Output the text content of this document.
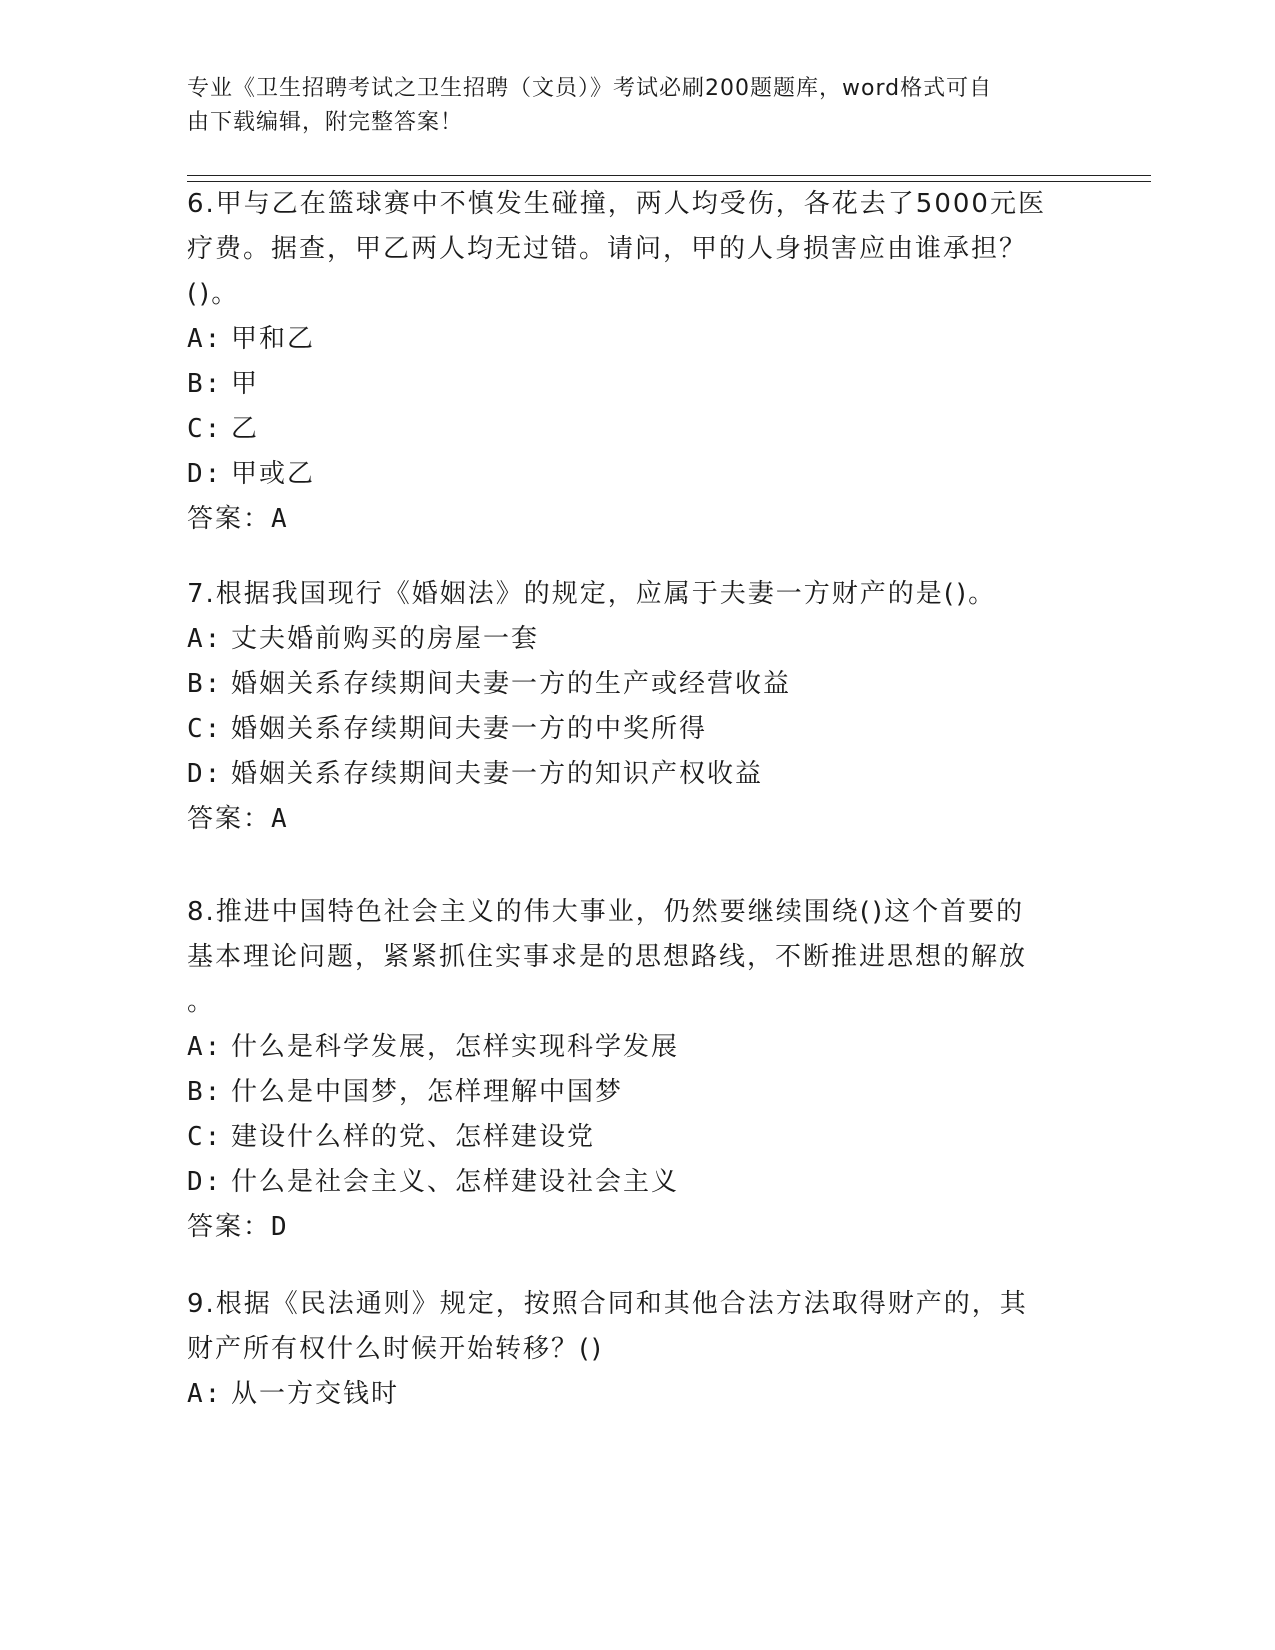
专业《卫生招聘考试之卫生招聘（文员）》考试必刷200题题库，word格式可自
由下载编辑，附完整答案！

6.甲与乙在篮球赛中不慎发生碰撞，两人均受伤，各花去了5000元医

疗费。据查，甲乙两人均无过错。请问，甲的人身损害应由谁承担？

()。

A: 甲和乙

B: 甲

C: 乙

D: 甲或乙

答案：A

7.根据我国现行《婚姻法》的规定，应属于夫妻一方财产的是()。

A: 丈夫婚前购买的房屋一套

B: 婚姻关系存续期间夫妻一方的生产或经营收益

C: 婚姻关系存续期间夫妻一方的中奖所得

D: 婚姻关系存续期间夫妻一方的知识产权收益

答案：A

8.推进中国特色社会主义的伟大事业，仍然要继续围绕()这个首要的

基本理论问题，紧紧抓住实事求是的思想路线，不断推进思想的解放

。

A: 什么是科学发展，怎样实现科学发展

B: 什么是中国梦，怎样理解中国梦

C: 建设什么样的党、怎样建设党

D: 什么是社会主义、怎样建设社会主义

答案：D

9.根据《民法通则》规定，按照合同和其他合法方法取得财产的，其

财产所有权什么时候开始转移？()

A: 从一方交钱时
